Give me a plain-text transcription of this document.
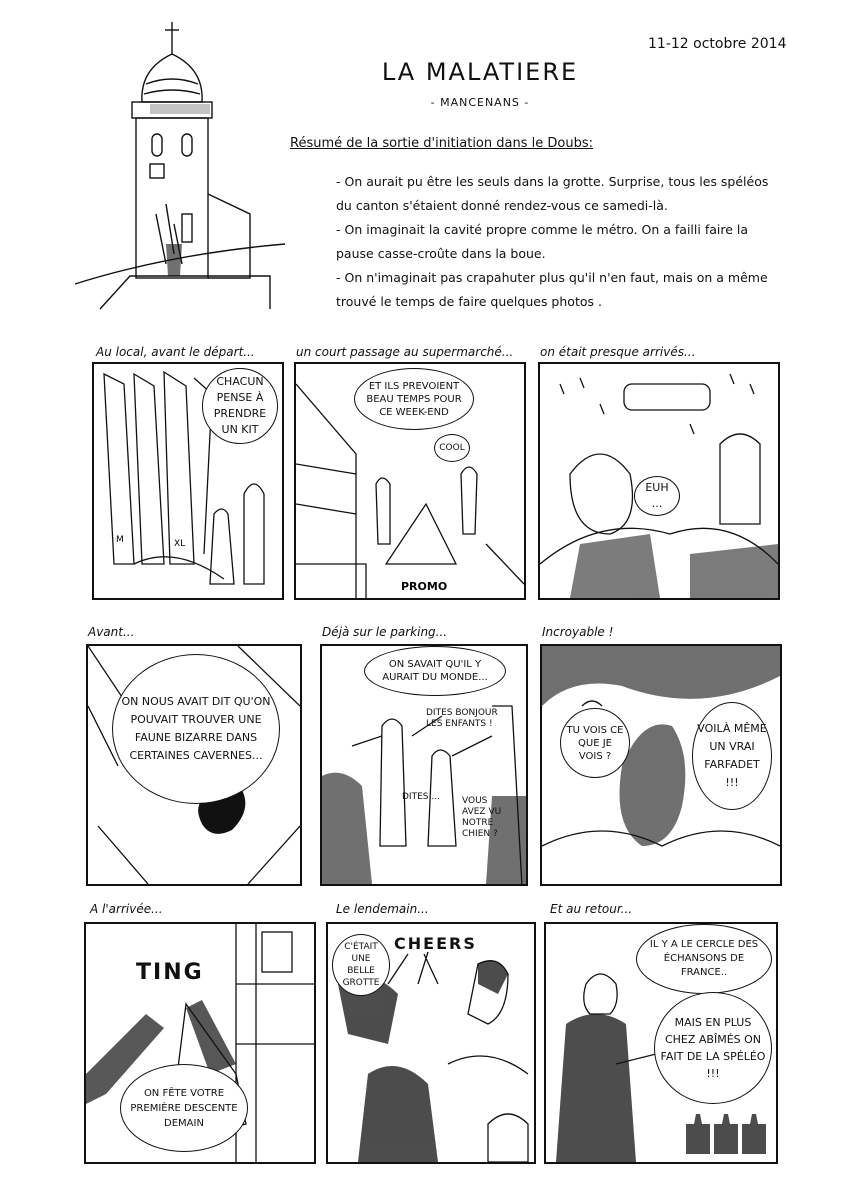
11-12 octobre 2014
LA MALATIERE
- MANCENANS -
Résumé de la sortie d'initiation dans le Doubs:
- On aurait pu être les seuls dans la grotte. Surprise, tous les spéléos du canton s'étaient donné rendez-vous ce samedi-là.
- On imaginait la cavité propre comme le métro. On a failli faire la pause casse-croûte dans la boue.
- On n'imaginait pas crapahuter plus qu'il n'en faut, mais on a même trouvé le temps de faire quelques photos .
Au local, avant le départ...
M	XL
CHACUN PENSE À PRENDRE UN KIT
un court passage au supermarché...
PROMO
ET ILS PREVOIENT BEAU TEMPS POUR CE WEEK-END
COOL
on était presque arrivés...
EUH ...
Avant...
ON NOUS AVAIT DIT QU'ON POUVAIT TROUVER UNE FAUNE BIZARRE DANS CERTAINES CAVERNES...
Déjà sur le parking...
ON SAVAIT QU'IL Y AURAIT DU MONDE...
DITES BONJOUR LES ENFANTS !
DITES ... VOUS AVEZ VU NOTRE CHIEN ?
Incroyable !
TU VOIS CE QUE JE VOIS ?
VOILÀ MÊME UN VRAI FARFADET !!!
A l'arrivée...
TING
ON FÊTE VOTRE PREMIÈRE DESCENTE DEMAIN
Le lendemain...
CHEERS
C'ÉTAIT UNE BELLE GROTTE
Et au retour...
IL Y A LE CERCLE DES ÉCHANSONS DE FRANCE..
MAIS EN PLUS CHEZ ABÎMÉS ON FAIT DE LA SPÉLÉO !!!
